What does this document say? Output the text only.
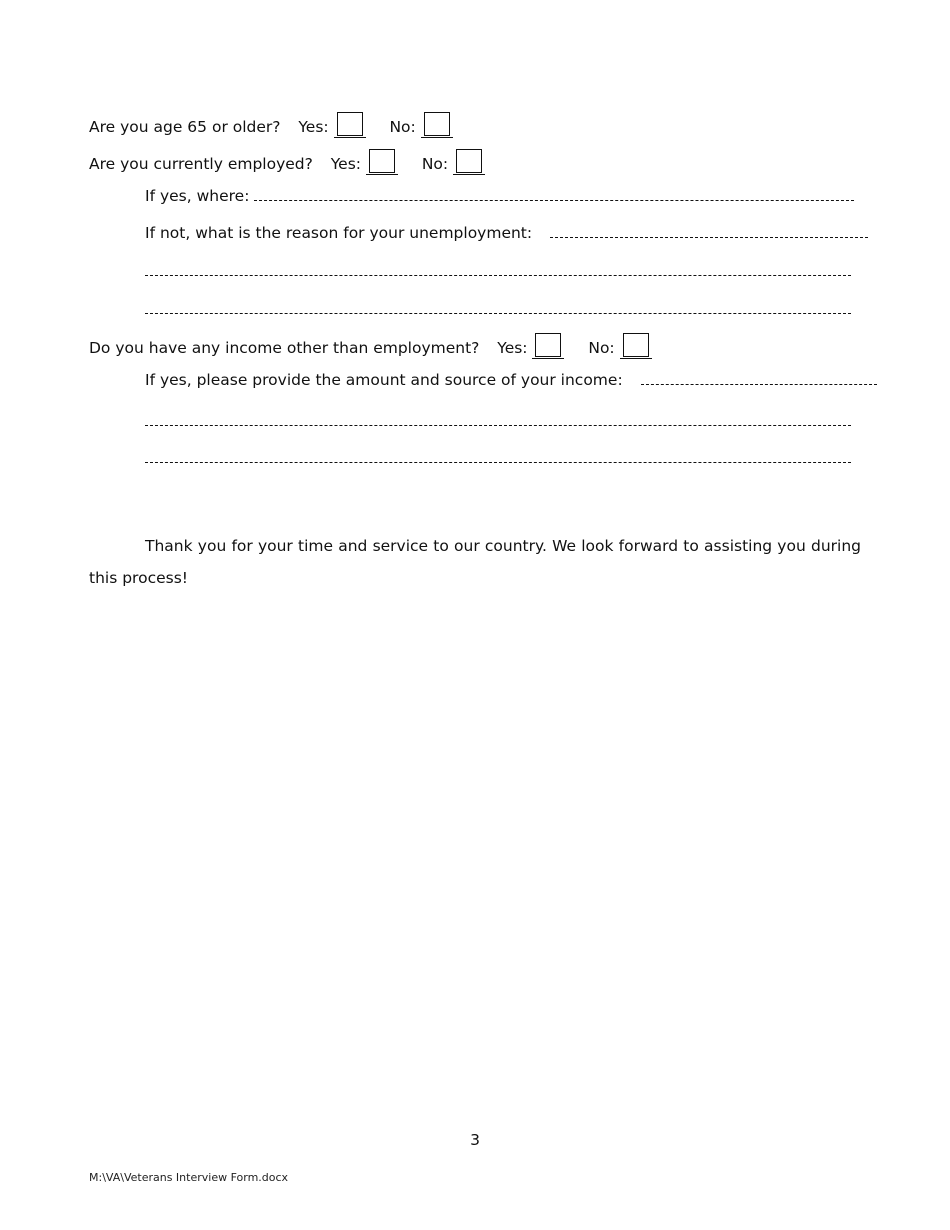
Are you age 65 or older? Yes:	No:
Are you currently employed? Yes:	No:
If yes, where:
If not, what is the reason for your unemployment:
Do you have any income other than employment? Yes:	No:
If yes, please provide the amount and source of your income:

Thank you for your time and service to our country. We look forward to assisting you during this process!

3
M:\VA\Veterans Interview Form.docx
